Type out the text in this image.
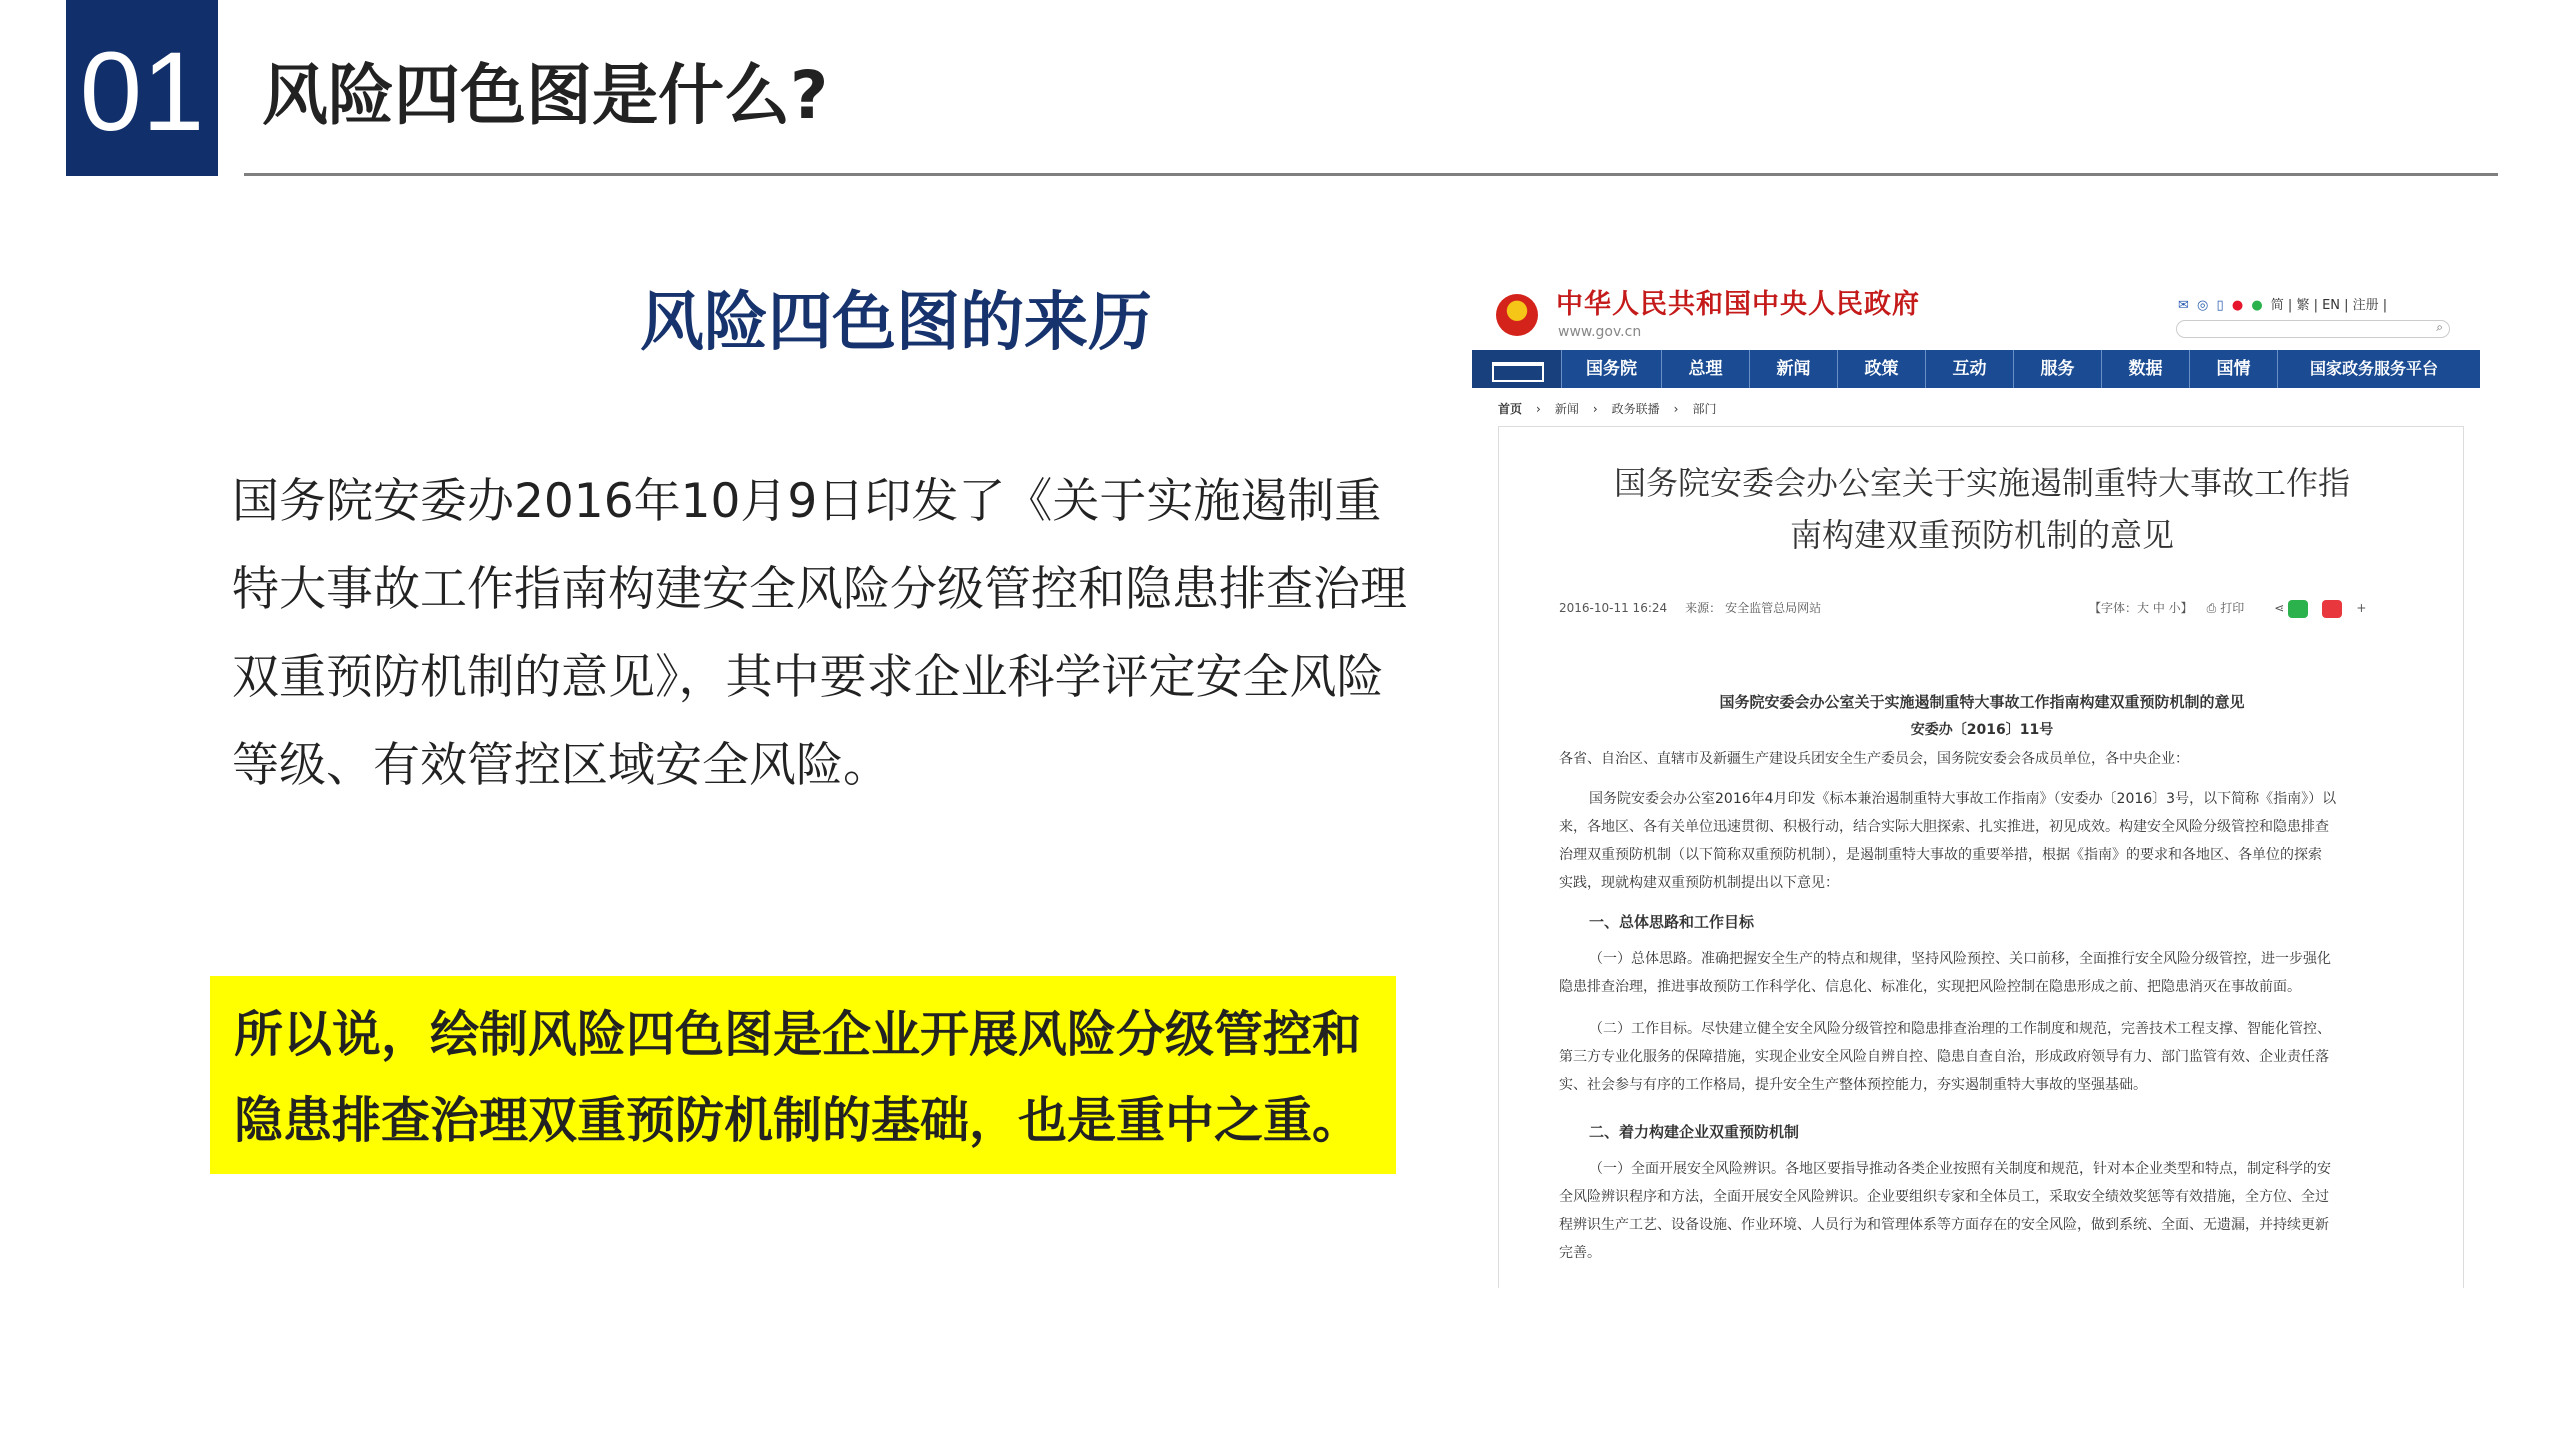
01 风险四色图是什么?
风险四色图的来历
国务院安委办2016年10月9日印发了《关于实施遏制重
特大事故工作指南构建安全风险分级管控和隐患排查治理
双重预防机制的意见》，其中要求企业科学评定安全风险
等级、有效管控区域安全风险。
所以说，绘制风险四色图是企业开展风险分级管控和
隐患排查治理双重预防机制的基础，也是重中之重。
中华人民共和国中央人民政府
www.gov.cn
✉ ◎ ▯ ● ● 简 | 繁 | EN | 注册 |
⌕
国务院	总理	新闻	政策	互动	服务	数据	国情	国家政务服务平台
首页 › 新闻 › 政务联播 › 部门
国务院安委会办公室关于实施遏制重特大事故工作指
南构建双重预防机制的意见
2016-10-11 16:24 来源： 安全监管总局网站	【字体：大 中 小】 ⎙ 打印	⋖	+
国务院安委会办公室关于实施遏制重特大事故工作指南构建双重预防机制的意见
安委办〔2016〕11号
各省、自治区、直辖市及新疆生产建设兵团安全生产委员会，国务院安委会各成员单位，各中央企业：
国务院安委会办公室2016年4月印发《标本兼治遏制重特大事故工作指南》（安委办〔2016〕3号，以下简称《指南》）以
来，各地区、各有关单位迅速贯彻、积极行动，结合实际大胆探索、扎实推进，初见成效。构建安全风险分级管控和隐患排查
治理双重预防机制（以下简称双重预防机制），是遏制重特大事故的重要举措，根据《指南》的要求和各地区、各单位的探索
实践，现就构建双重预防机制提出以下意见：
一、总体思路和工作目标
（一）总体思路。准确把握安全生产的特点和规律，坚持风险预控、关口前移，全面推行安全风险分级管控，进一步强化
隐患排查治理，推进事故预防工作科学化、信息化、标准化，实现把风险控制在隐患形成之前、把隐患消灭在事故前面。
（二）工作目标。尽快建立健全安全风险分级管控和隐患排查治理的工作制度和规范，完善技术工程支撑、智能化管控、
第三方专业化服务的保障措施，实现企业安全风险自辨自控、隐患自查自治，形成政府领导有力、部门监管有效、企业责任落
实、社会参与有序的工作格局，提升安全生产整体预控能力，夯实遏制重特大事故的坚强基础。
二、着力构建企业双重预防机制
（一）全面开展安全风险辨识。各地区要指导推动各类企业按照有关制度和规范，针对本企业类型和特点，制定科学的安
全风险辨识程序和方法，全面开展安全风险辨识。企业要组织专家和全体员工，采取安全绩效奖惩等有效措施，全方位、全过
程辨识生产工艺、设备设施、作业环境、人员行为和管理体系等方面存在的安全风险，做到系统、全面、无遗漏，并持续更新
完善。
